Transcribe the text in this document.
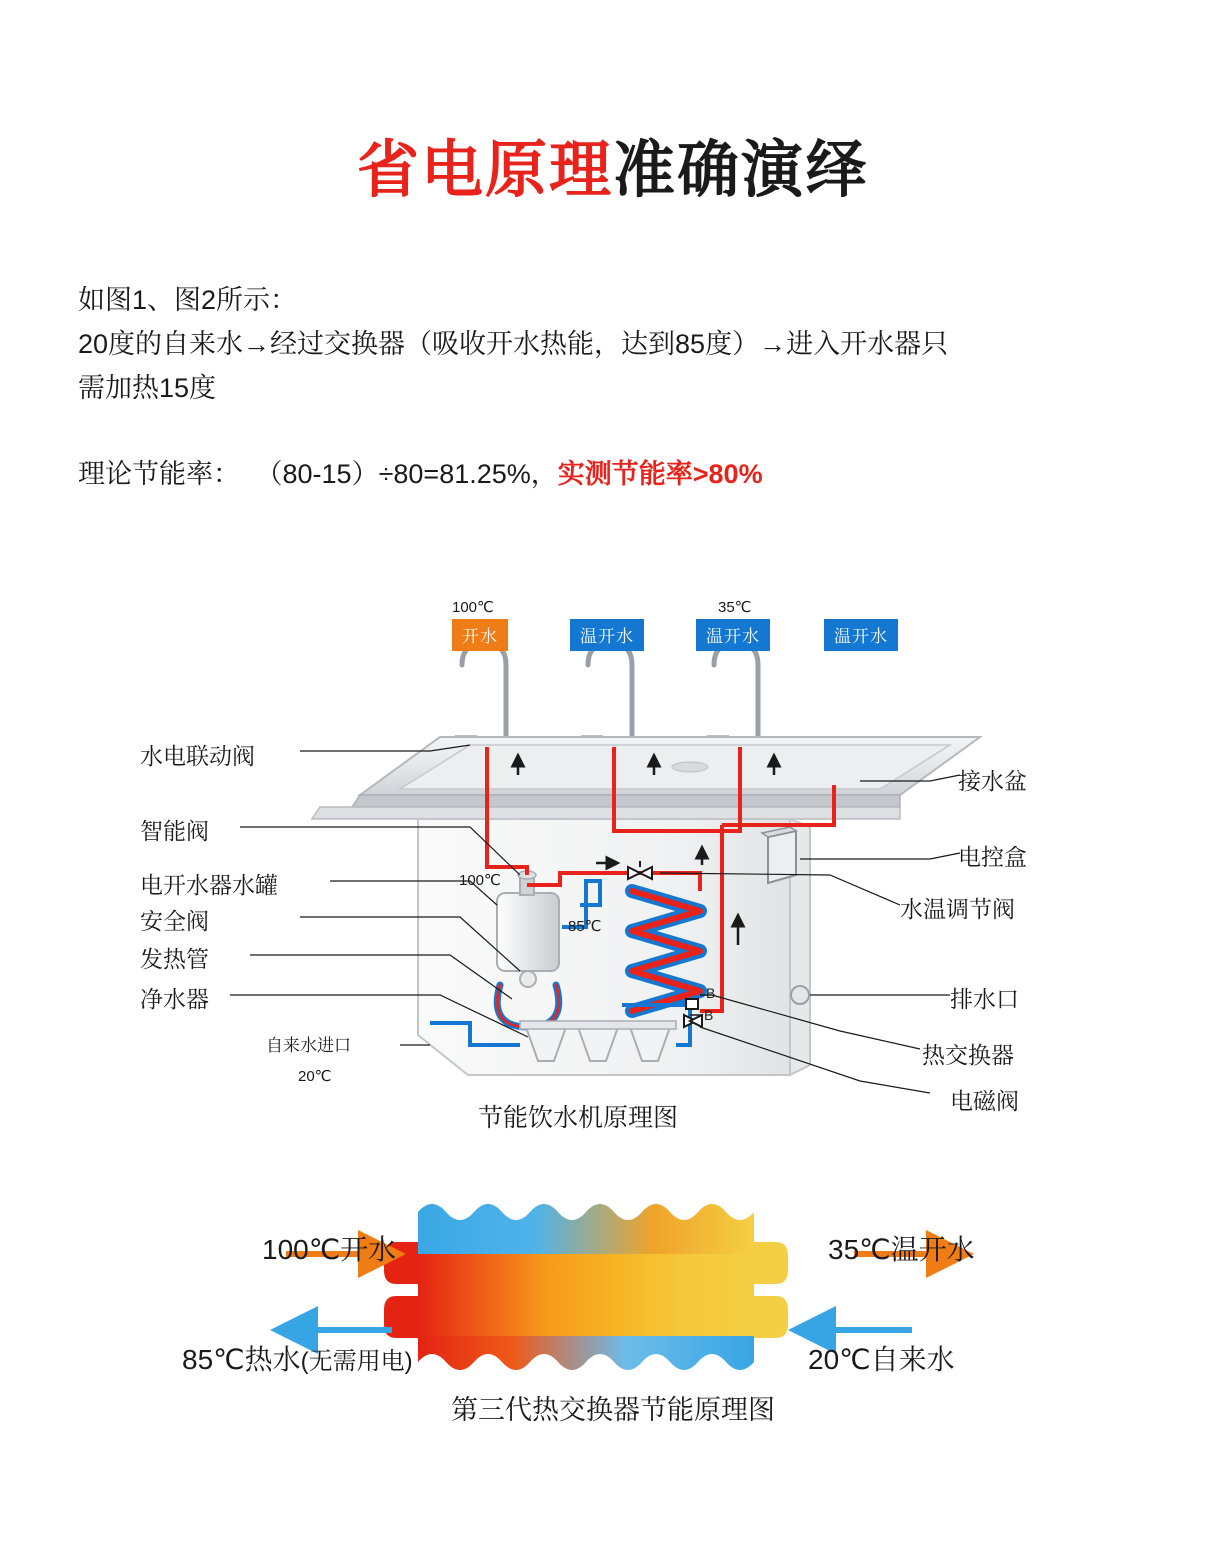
省电原理准确演绎
如图1、图2所示：
20度的自来水→经过交换器（吸收开水热能，达到85度）→进入开水器只
需加热15度
理论节能率： （80-15）÷80=81.25%，实测节能率>80%
100℃
开水	温开水
35℃
温开水	温开水
水电联动阀
智能阀
电开水器水罐
安全阀
发热管
净水器
接水盆
电控盒
水温调节阀
排水口
热交换器
电磁阀
自来水进口
20℃
100℃
85℃
B
B
节能饮水机原理图
100℃开水	35℃温开水
85℃热水(无需用电)	20℃自来水
第三代热交换器节能原理图
